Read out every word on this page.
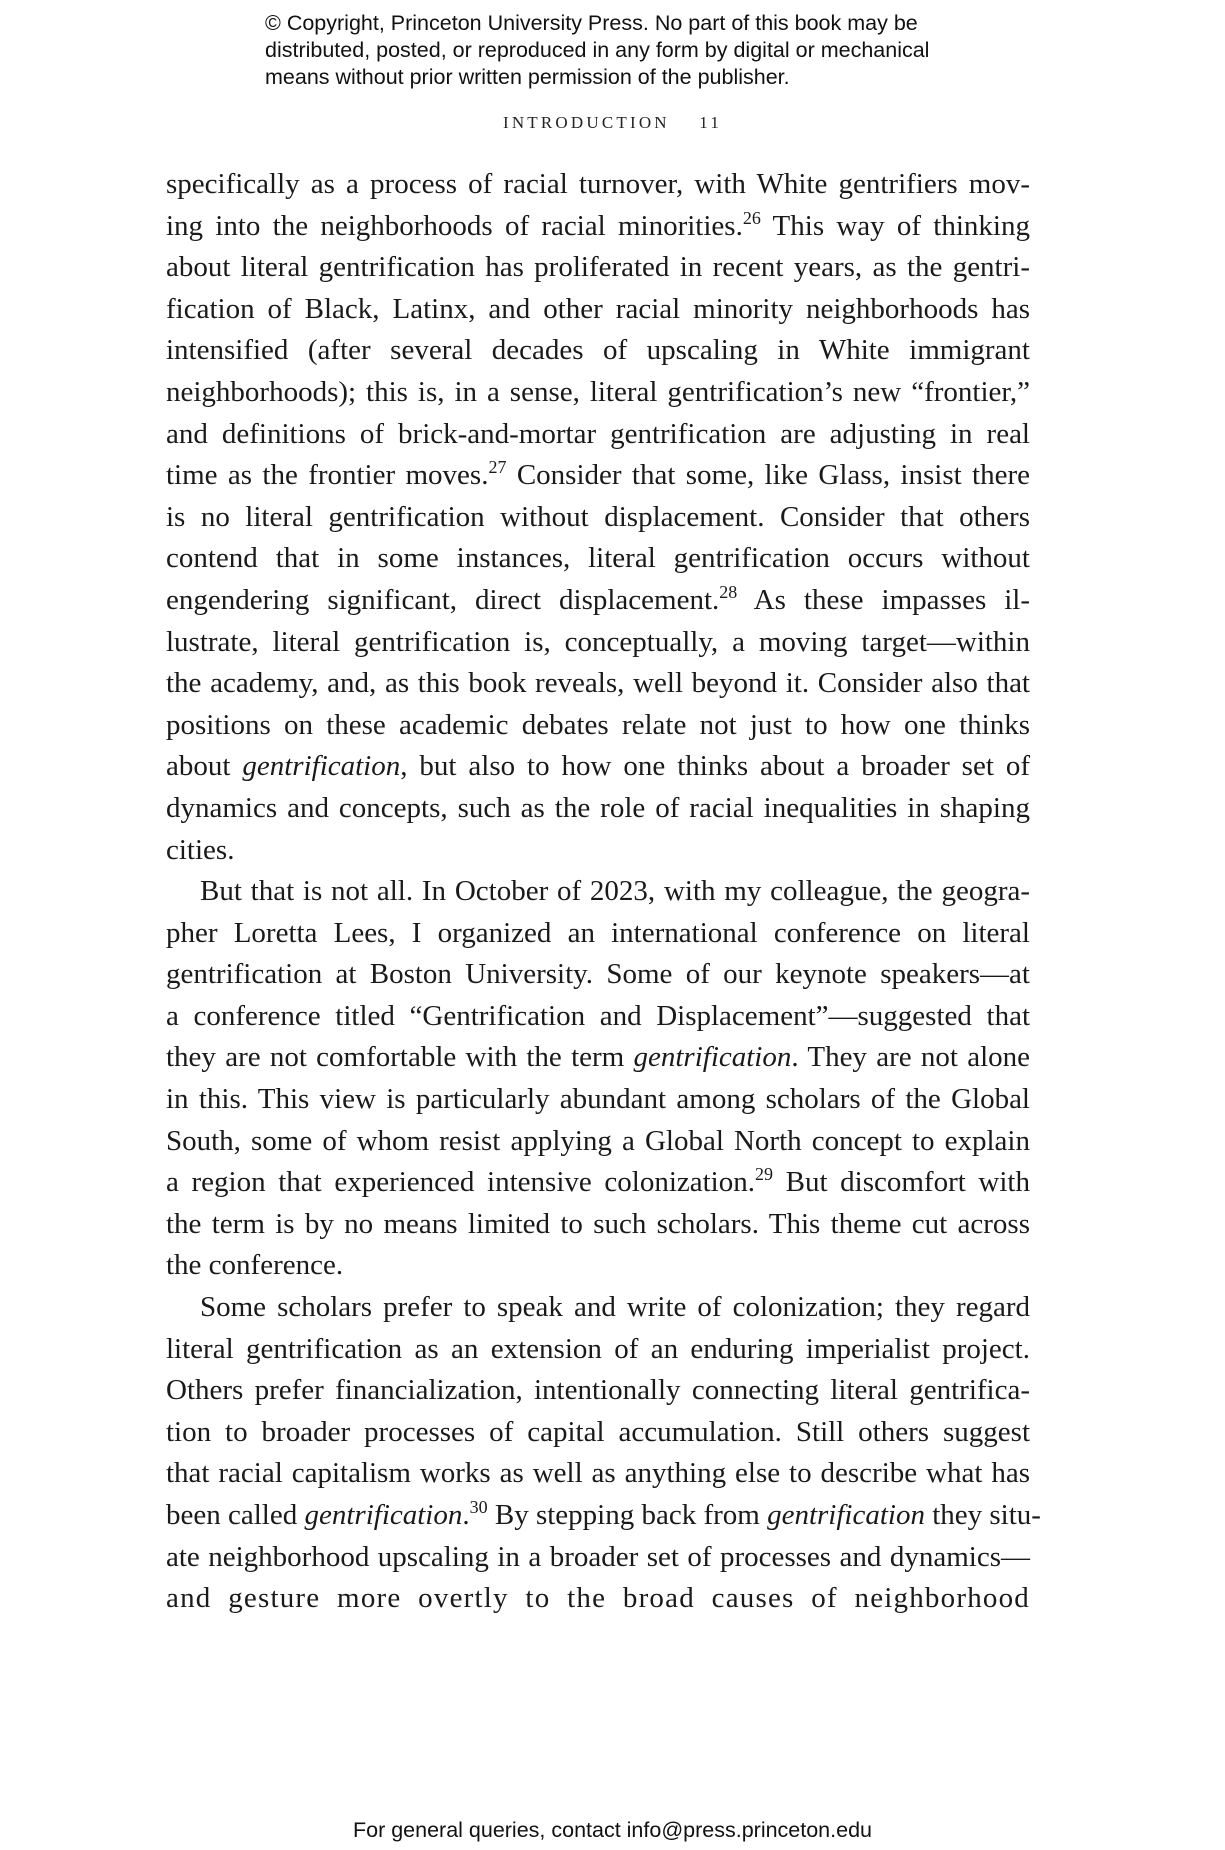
© Copyright, Princeton University Press. No part of this book may be
distributed, posted, or reproduced in any form by digital or mechanical
means without prior written permission of the publisher.
INTRODUCTION 11
specifically as a process of racial turnover, with White gentrifiers mov-
ing into the neighborhoods of racial minorities.$^{26}$ This way of thinking
about literal gentrification has proliferated in recent years, as the gentri-
fication of Black, Latinx, and other racial minority neighborhoods has
intensified (after several decades of upscaling in White immigrant
neighborhoods); this is, in a sense, literal gentrification’s new “frontier,”
and definitions of brick-and-mortar gentrification are adjusting in real
time as the frontier moves.$^{27}$ Consider that some, like Glass, insist there
is no literal gentrification without displacement. Consider that others
contend that in some instances, literal gentrification occurs without
engendering significant, direct displacement.$^{28}$ As these impasses il-
lustrate, literal gentrification is, conceptually, a moving target—within
the academy, and, as this book reveals, well beyond it. Consider also that
positions on these academic debates relate not just to how one thinks
about gentrification, but also to how one thinks about a broader set of
dynamics and concepts, such as the role of racial inequalities in shaping
cities.
But that is not all. In October of 2023, with my colleague, the geogra-
pher Loretta Lees, I organized an international conference on literal
gentrification at Boston University. Some of our keynote speakers—at
a conference titled “Gentrification and Displacement”—suggested that
they are not comfortable with the term gentrification. They are not alone
in this. This view is particularly abundant among scholars of the Global
South, some of whom resist applying a Global North concept to explain
a region that experienced intensive colonization.$^{29}$ But discomfort with
the term is by no means limited to such scholars. This theme cut across
the conference.
Some scholars prefer to speak and write of colonization; they regard
literal gentrification as an extension of an enduring imperialist project.
Others prefer financialization, intentionally connecting literal gentrifica-
tion to broader processes of capital accumulation. Still others suggest
that racial capitalism works as well as anything else to describe what has
been called gentrification.$^{30}$ By stepping back from gentrification they situ-
ate neighborhood upscaling in a broader set of processes and dynamics—
and gesture more overtly to the broad causes of neighborhood
For general queries, contact info@press.princeton.edu
